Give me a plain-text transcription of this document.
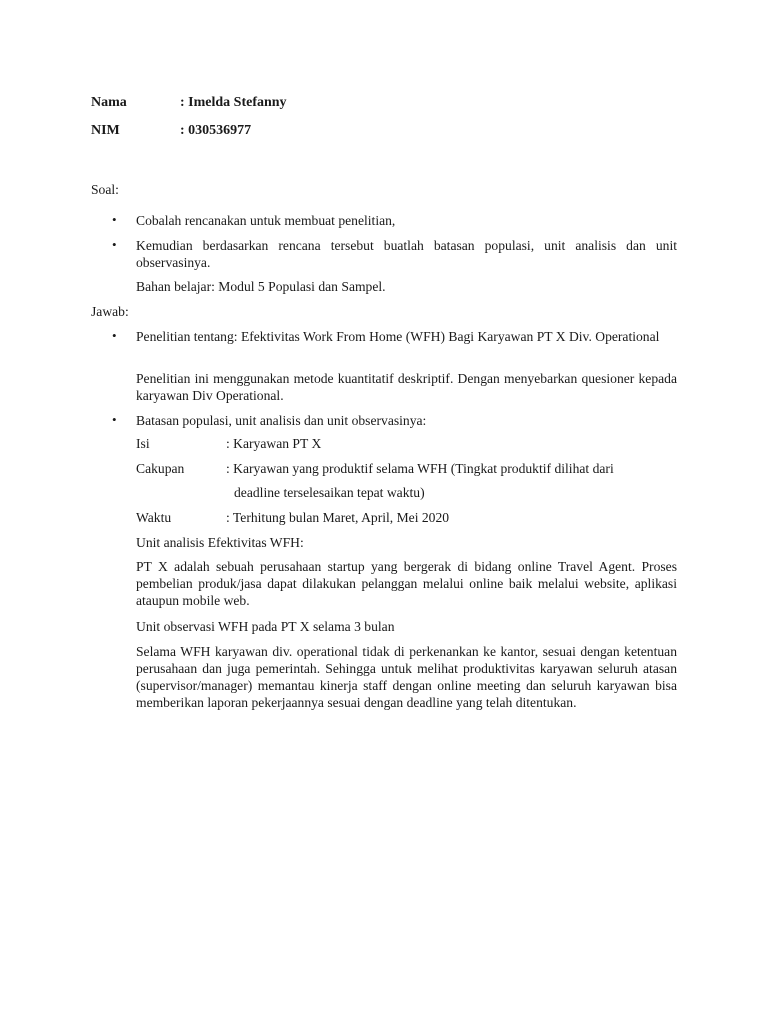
Nama	: Imelda Stefanny
NIM	: 030536977
Soal:
• Cobalah rencanakan untuk membuat penelitian,
• Kemudian berdasarkan rencana tersebut buatlah batasan populasi, unit analisis dan unit observasinya.
Bahan belajar: Modul 5 Populasi dan Sampel.
Jawab:
• Penelitian tentang: Efektivitas Work From Home (WFH) Bagi Karyawan PT X Div. Operational
Penelitian ini menggunakan metode kuantitatif deskriptif. Dengan menyebarkan quesioner kepada karyawan Div Operational.
• Batasan populasi, unit analisis dan unit observasinya:
Isi	: Karyawan PT X
Cakupan	: Karyawan yang produktif selama WFH (Tingkat produktif dilihat dari
deadline terselesaikan tepat waktu)
Waktu	: Terhitung bulan Maret, April, Mei 2020
Unit analisis Efektivitas WFH:
PT X adalah sebuah perusahaan startup yang bergerak di bidang online Travel Agent. Proses pembelian produk/jasa dapat dilakukan pelanggan melalui online baik melalui website, aplikasi ataupun mobile web.
Unit observasi WFH pada PT X selama 3 bulan
Selama WFH karyawan div. operational tidak di perkenankan ke kantor, sesuai dengan ketentuan perusahaan dan juga pemerintah. Sehingga untuk melihat produktivitas karyawan seluruh atasan (supervisor/manager) memantau kinerja staff dengan online meeting dan seluruh karyawan bisa memberikan laporan pekerjaannya sesuai dengan deadline yang telah ditentukan.
